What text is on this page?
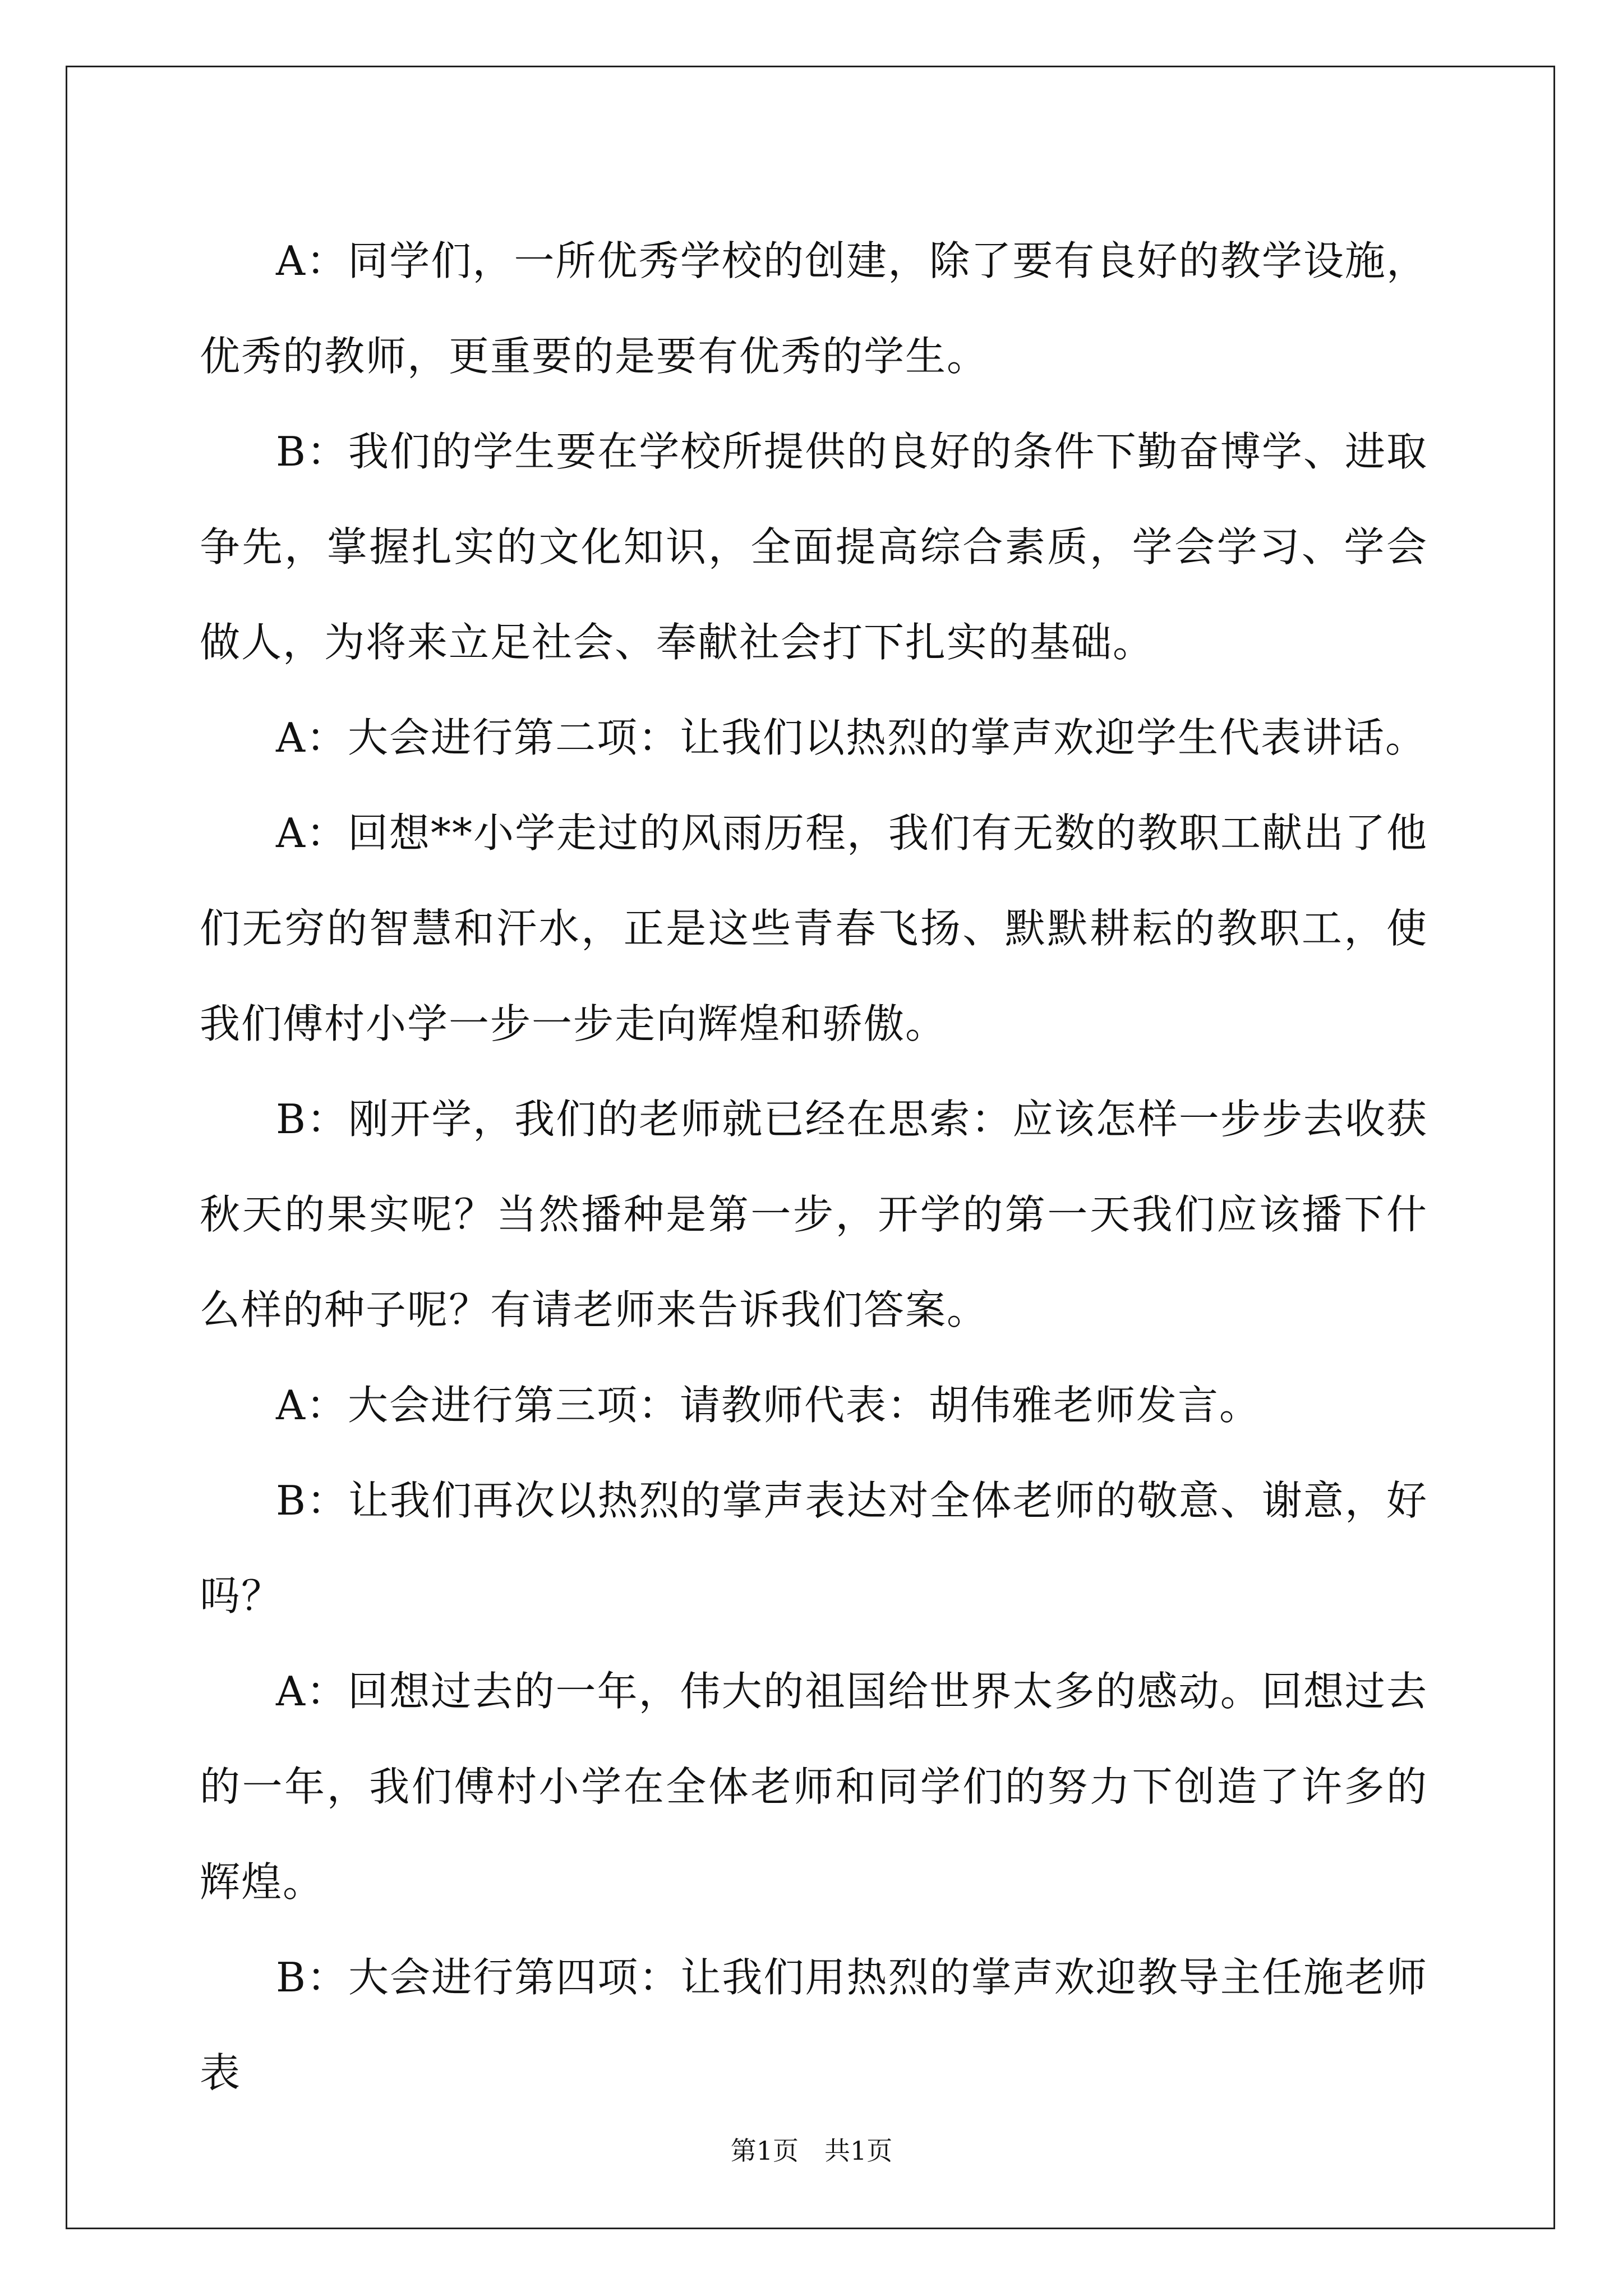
A：同学们，一所优秀学校的创建，除了要有良好的教学设施，优秀的教师，更重要的是要有优秀的学生。

B：我们的学生要在学校所提供的良好的条件下勤奋博学、进取争先，掌握扎实的文化知识，全面提高综合素质，学会学习、学会做人，为将来立足社会、奉献社会打下扎实的基础。

A：大会进行第二项：让我们以热烈的掌声欢迎学生代表讲话。

A：回想**小学走过的风雨历程，我们有无数的教职工献出了他们无穷的智慧和汗水，正是这些青春飞扬、默默耕耘的教职工，使我们傅村小学一步一步走向辉煌和骄傲。

B：刚开学，我们的老师就已经在思索：应该怎样一步步去收获秋天的果实呢？当然播种是第一步，开学的第一天我们应该播下什么样的种子呢？有请老师来告诉我们答案。

A：大会进行第三项：请教师代表：胡伟雅老师发言。

B：让我们再次以热烈的掌声表达对全体老师的敬意、谢意，好吗？

A：回想过去的一年，伟大的祖国给世界太多的感动。回想过去的一年，我们傅村小学在全体老师和同学们的努力下创造了许多的辉煌。

B：大会进行第四项：让我们用热烈的掌声欢迎教导主任施老师表

第1页　共1页
